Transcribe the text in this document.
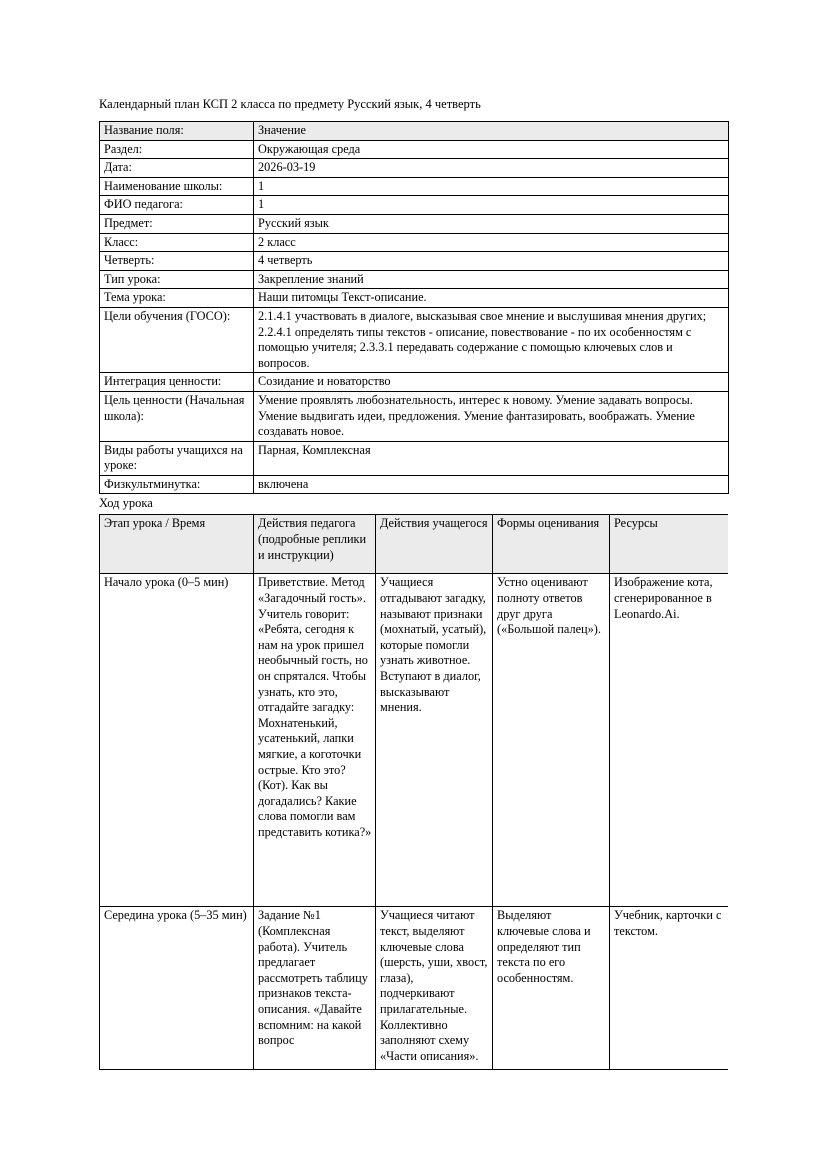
Календарный план КСП 2 класса по предмету Русский язык, 4 четверть
Название поля:	Значение
Раздел:	Окружающая среда
Дата:	2026-03-19
Наименование школы:	1
ФИО педагога:	1
Предмет:	Русский язык
Класс:	2 класс
Четверть:	4 четверть
Тип урока:	Закрепление знаний
Тема урока:	Наши питомцы Текст-описание.
Цели обучения (ГОСО):	2.1.4.1 участвовать в диалоге, высказывая свое мнение и выслушивая мнения других; 2.2.4.1 определять типы текстов - описание, повествование - по их особенностям с помощью учителя; 2.3.3.1 передавать содержание с помощью ключевых слов и вопросов.
Интеграция ценности:	Созидание и новаторство
Цель ценности (Начальная школа):	Умение проявлять любознательность, интерес к новому. Умение задавать вопросы. Умение выдвигать идеи, предложения. Умение фантазировать, воображать. Умение создавать новое.
Виды работы учащихся на уроке:	Парная, Комплексная
Физкультминутка:	включена
Ход урока
Этап урока / Время	Действия педагога (подробные реплики и инструкции)	Действия учащегося	Формы оценивания	Ресурсы
Начало урока (0–5 мин)	Приветствие. Метод «Загадочный гость». Учитель говорит: «Ребята, сегодня к нам на урок пришел необычный гость, но он спрятался. Чтобы узнать, кто это, отгадайте загадку: Мохнатенький, усатенький, лапки мягкие, а коготочки острые. Кто это? (Кот). Как вы догадались? Какие слова помогли вам представить котика?»	Учащиеся отгадывают загадку, называют признаки (мохнатый, усатый), которые помогли узнать животное. Вступают в диалог, высказывают мнения.	Устно оценивают полноту ответов друг друга («Большой палец»).	Изображение кота, сгенерированное в Leonardo.Ai.
Середина урока (5–35 мин)	Задание №1 (Комплексная работа). Учитель предлагает рассмотреть таблицу признаков текста-описания. «Давайте вспомним: на какой вопрос	Учащиеся читают текст, выделяют ключевые слова (шерсть, уши, хвост, глаза), подчеркивают прилагательные. Коллективно заполняют схему «Части описания».	Выделяют ключевые слова и определяют тип текста по его особенностям.	Учебник, карточки с текстом.
